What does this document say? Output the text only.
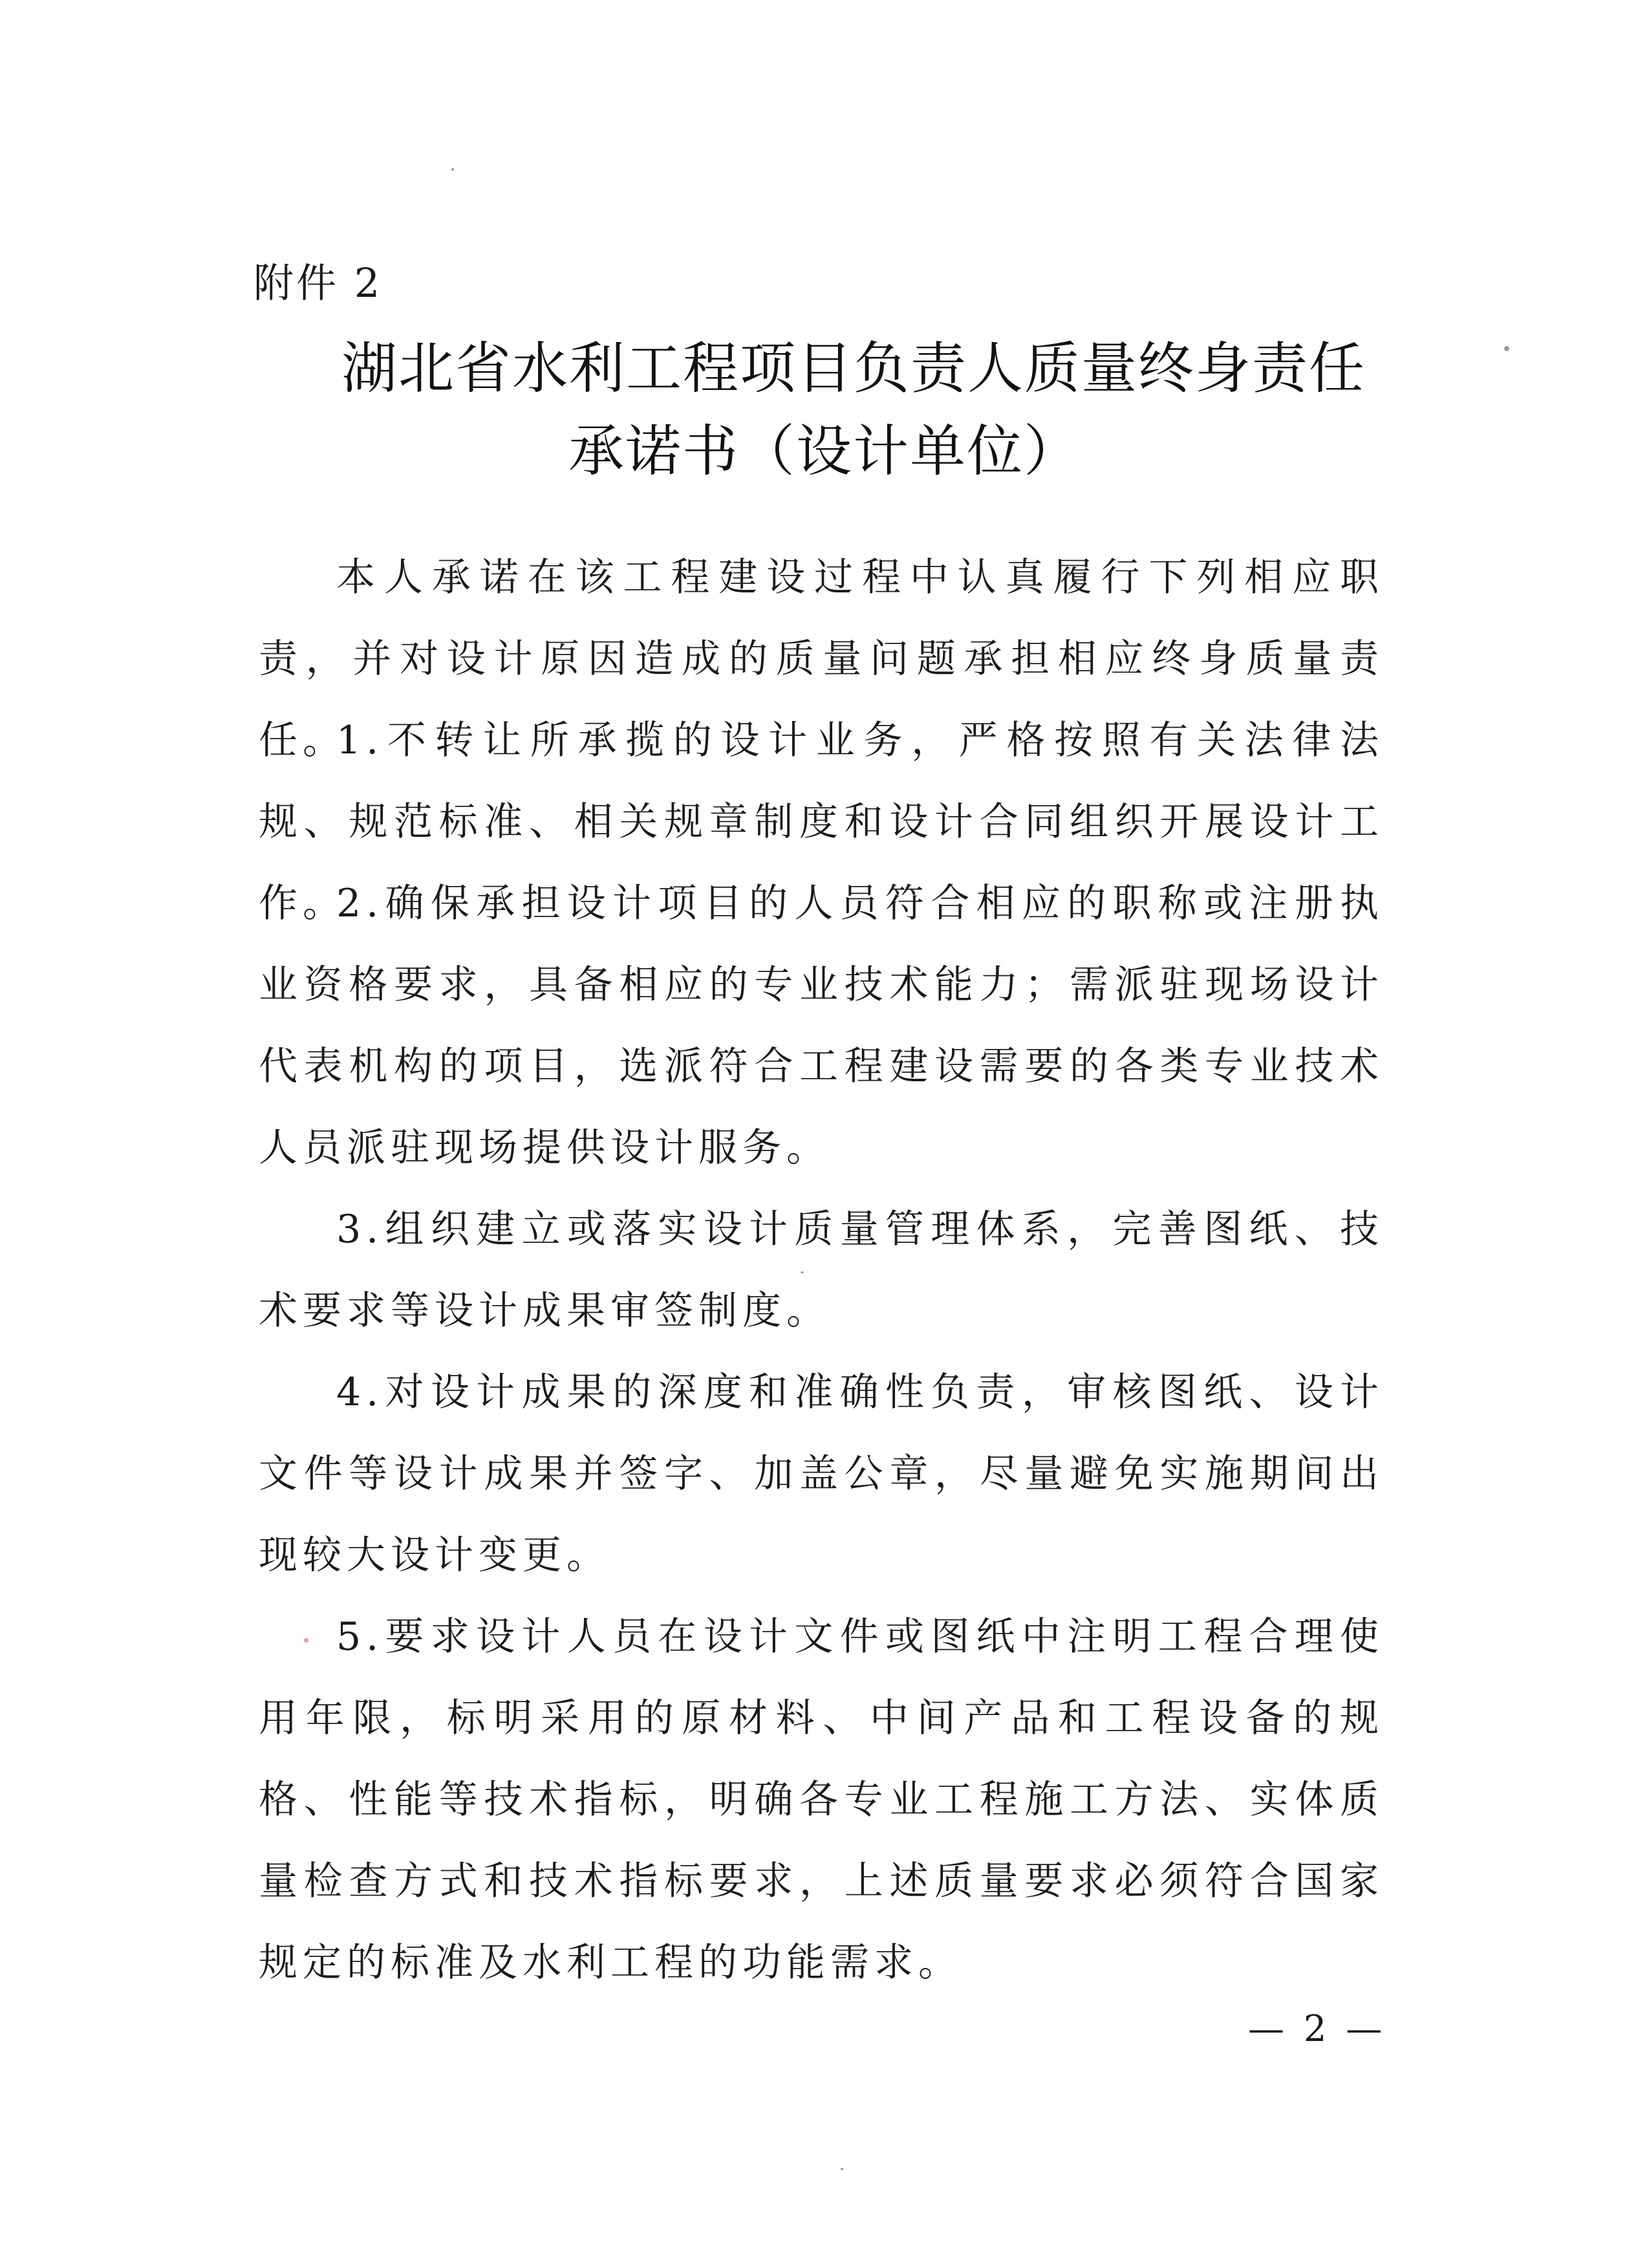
附件 2
湖北省水利工程项目负责人质量终身责任
承诺书（设计单位）
本人承诺在该工程建设过程中认真履行下列相应职责，并对设计原因造成的质量问题承担相应终身质量责任。
1.不转让所承揽的设计业务，严格按照有关法律法规、规范标准、相关规章制度和设计合同组织开展设计工作。
2.确保承担设计项目的人员符合相应的职称或注册执业资格要求，具备相应的专业技术能力；需派驻现场设计代表机构的项目，选派符合工程建设需要的各类专业技术人员派驻现场提供设计服务。
3.组织建立或落实设计质量管理体系，完善图纸、技术要求等设计成果审签制度。
4.对设计成果的深度和准确性负责，审核图纸、设计文件等设计成果并签字、加盖公章，尽量避免实施期间出现较大设计变更。
5.要求设计人员在设计文件或图纸中注明工程合理使用年限，标明采用的原材料、中间产品和工程设备的规格、性能等技术指标，明确各专业工程施工方法、实体质量检查方式和技术指标要求，上述质量要求必须符合国家规定的标准及水利工程的功能需求。
— 2 —
